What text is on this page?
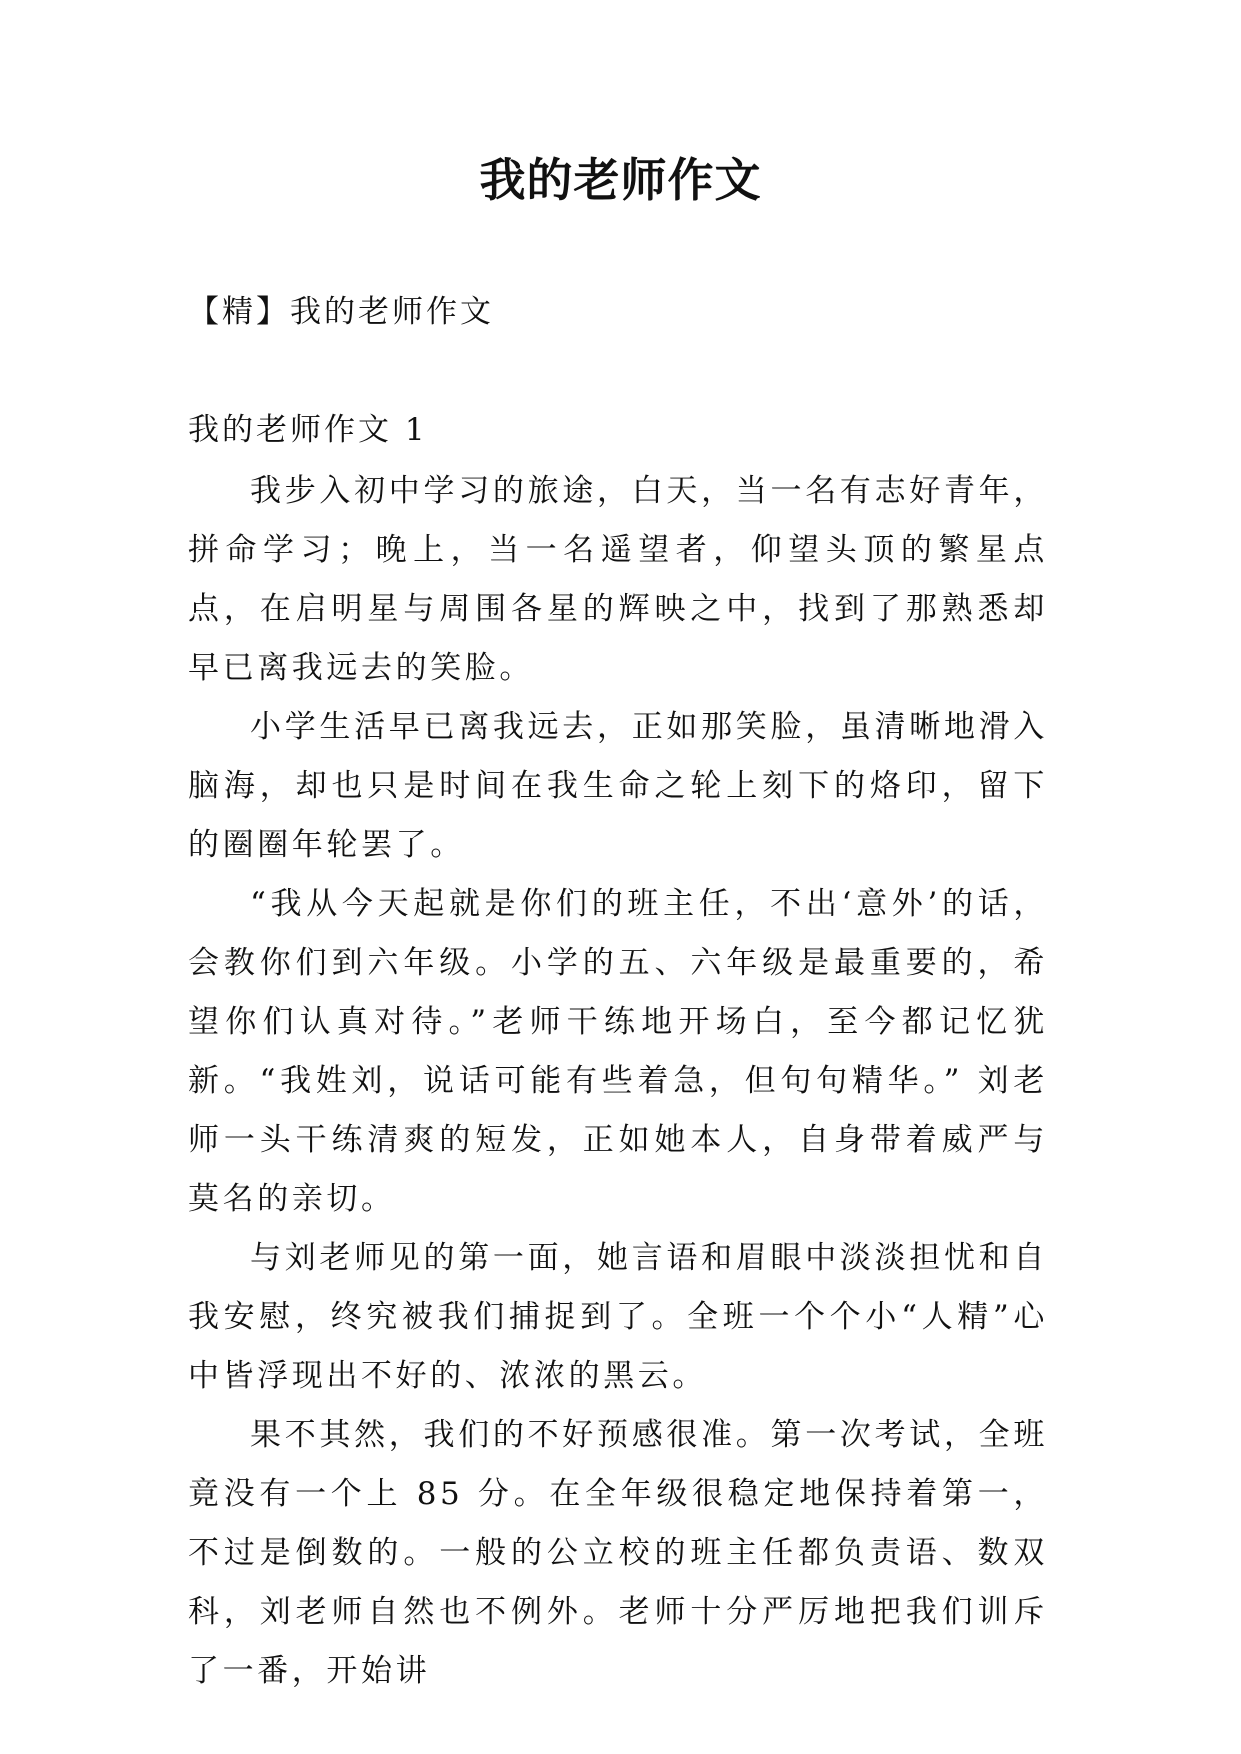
我的老师作文

【精】我的老师作文

我的老师作文 1

我步入初中学习的旅途，白天，当一名有志好青年，拼命学习；晚上，当一名遥望者，仰望头顶的繁星点点，在启明星与周围各星的辉映之中，找到了那熟悉却早已离我远去的笑脸。

小学生活早已离我远去，正如那笑脸，虽清晰地滑入脑海，却也只是时间在我生命之轮上刻下的烙印，留下的圈圈年轮罢了。

“我从今天起就是你们的班主任，不出‘意外’的话，会教你们到六年级。小学的五、六年级是最重要的，希望你们认真对待。”老师干练地开场白，至今都记忆犹新。“我姓刘，说话可能有些着急，但句句精华。” 刘老师一头干练清爽的短发，正如她本人，自身带着威严与莫名的亲切。

与刘老师见的第一面，她言语和眉眼中淡淡担忧和自我安慰，终究被我们捕捉到了。全班一个个小“人精”心中皆浮现出不好的、浓浓的黑云。

果不其然，我们的不好预感很准。第一次考试，全班竟没有一个上 85 分。在全年级很稳定地保持着第一，不过是倒数的。一般的公立校的班主任都负责语、数双科，刘老师自然也不例外。老师十分严厉地把我们训斥了一番，开始讲
